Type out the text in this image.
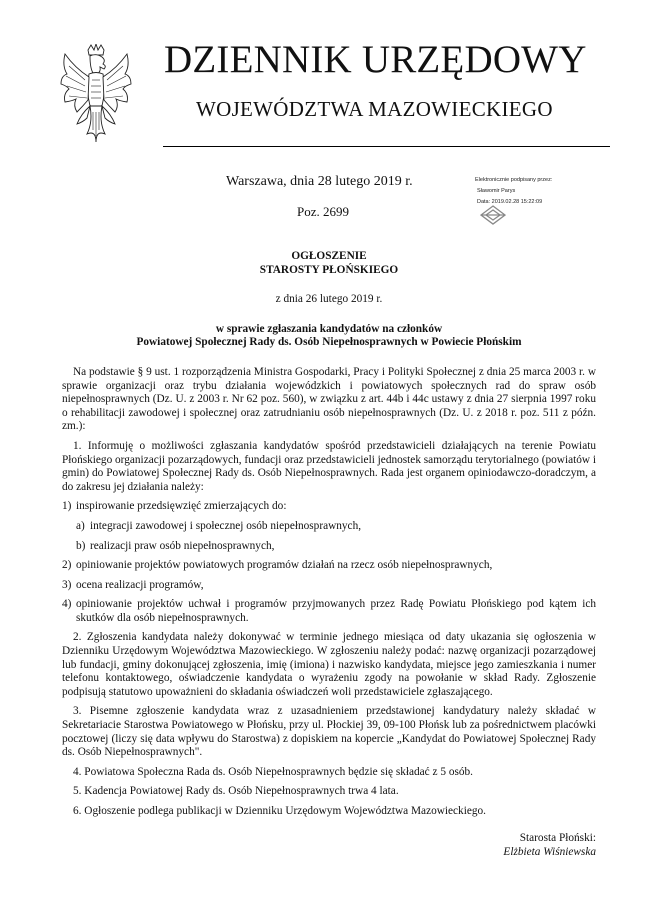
DZIENNIK URZĘDOWY
WOJEWÓDZTWA MAZOWIECKIEGO
Warszawa, dnia 28 lutego 2019 r.
Poz. 2699
Elektronicznie podpisany przez:
Sławomir Parys
Data: 2019.02.28 15:22:09
OGŁOSZENIE
STAROSTY PŁOŃSKIEGO
z dnia 26 lutego 2019 r.
w sprawie zgłaszania kandydatów na członków
Powiatowej Społecznej Rady ds. Osób Niepełnosprawnych w Powiecie Płońskim

Na podstawie § 9 ust. 1 rozporządzenia Ministra Gospodarki, Pracy i Polityki Społecznej z dnia 25 marca 2003 r. w sprawie organizacji oraz trybu działania wojewódzkich i powiatowych społecznych rad do spraw osób niepełnosprawnych (Dz. U. z 2003 r. Nr 62 poz. 560), w związku z art. 44b i 44c ustawy z dnia 27 sierpnia 1997 roku o rehabilitacji zawodowej i społecznej oraz zatrudnianiu osób niepełnosprawnych (Dz. U. z 2018 r. poz. 511 z późn. zm.):

1. Informuję o możliwości zgłaszania kandydatów spośród przedstawicieli działających na terenie Powiatu Płońskiego organizacji pozarządowych, fundacji oraz przedstawicieli jednostek samorządu terytorialnego (powiatów i gmin) do Powiatowej Społecznej Rady ds. Osób Niepełnosprawnych. Rada jest organem opiniodawczo-doradczym, a do zakresu jej działania należy:

1) inspirowanie przedsięwzięć zmierzających do:
a) integracji zawodowej i społecznej osób niepełnosprawnych,
b) realizacji praw osób niepełnosprawnych,
2) opiniowanie projektów powiatowych programów działań na rzecz osób niepełnosprawnych,
3) ocena realizacji programów,
4) opiniowanie projektów uchwał i programów przyjmowanych przez Radę Powiatu Płońskiego pod kątem ich skutków dla osób niepełnosprawnych.

2. Zgłoszenia kandydata należy dokonywać w terminie jednego miesiąca od daty ukazania się ogłoszenia w Dzienniku Urzędowym Województwa Mazowieckiego. W zgłoszeniu należy podać: nazwę organizacji pozarządowej lub fundacji, gminy dokonującej zgłoszenia, imię (imiona) i nazwisko kandydata, miejsce jego zamieszkania i numer telefonu kontaktowego, oświadczenie kandydata o wyrażeniu zgody na powołanie w skład Rady. Zgłoszenie podpisują statutowo upoważnieni do składania oświadczeń woli przedstawiciele zgłaszającego.

3. Pisemne zgłoszenie kandydata wraz z uzasadnieniem przedstawionej kandydatury należy składać w Sekretariacie Starostwa Powiatowego w Płońsku, przy ul. Płockiej 39, 09-100 Płońsk lub za pośrednictwem placówki pocztowej (liczy się data wpływu do Starostwa) z dopiskiem na kopercie „Kandydat do Powiatowej Społecznej Rady ds. Osób Niepełnosprawnych".

4. Powiatowa Społeczna Rada ds. Osób Niepełnosprawnych będzie się składać z 5 osób.

5. Kadencja Powiatowej Rady ds. Osób Niepełnosprawnych trwa 4 lata.

6. Ogłoszenie podlega publikacji w Dzienniku Urzędowym Województwa Mazowieckiego.

Starosta Płoński:
Elżbieta Wiśniewska
